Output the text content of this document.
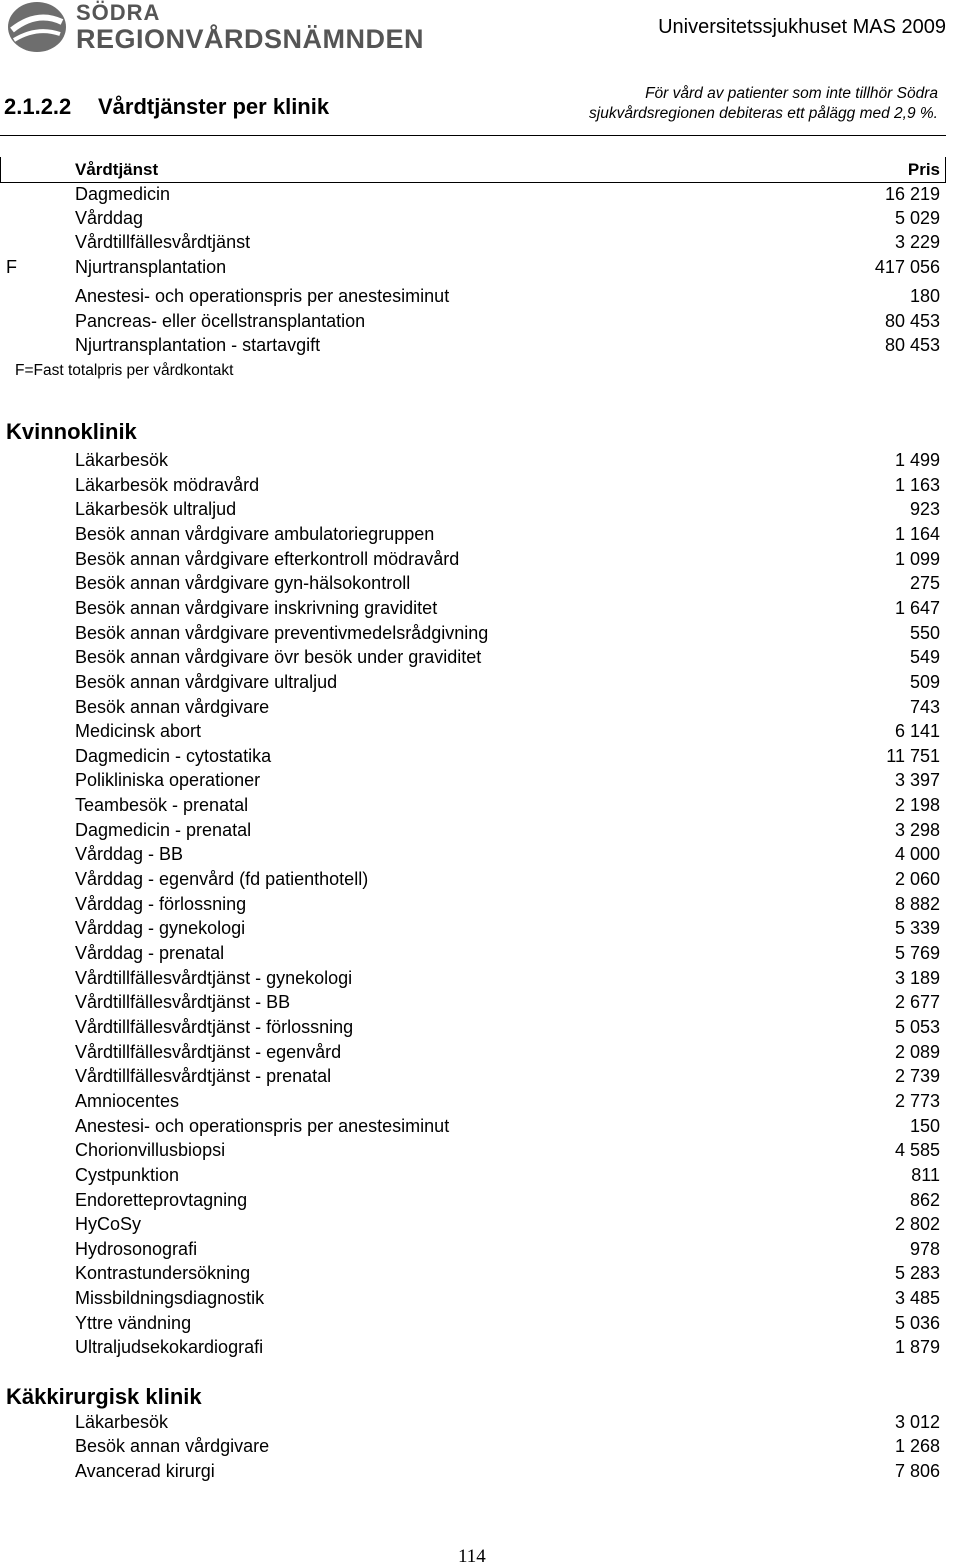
SÖDRA
REGIONVÅRDSNÄMNDEN	Universitetssjukhuset MAS 2009
2.1.2.2 Vårdtjänster per klinik
För vård av patienter som inte tillhör Södra
sjukvårdsregionen debiteras ett pålägg med 2,9 %.
Vårdtjänst	Pris
Dagmedicin	16 219
Vårddag	5 029
Vårdtillfällesvårdtjänst	3 229
F	Njurtransplantation	417 056
Anestesi- och operationspris per anestesiminut	180
Pancreas- eller öcellstransplantation	80 453
Njurtransplantation - startavgift	80 453
F=Fast totalpris per vårdkontakt
Kvinnoklinik
Läkarbesök	1 499
Läkarbesök mödravård	1 163
Läkarbesök ultraljud	923
Besök annan vårdgivare ambulatoriegruppen	1 164
Besök annan vårdgivare efterkontroll mödravård	1 099
Besök annan vårdgivare gyn-hälsokontroll	275
Besök annan vårdgivare inskrivning graviditet	1 647
Besök annan vårdgivare preventivmedelsrådgivning	550
Besök annan vårdgivare övr besök under graviditet	549
Besök annan vårdgivare ultraljud	509
Besök annan vårdgivare	743
Medicinsk abort	6 141
Dagmedicin - cytostatika	11 751
Polikliniska operationer	3 397
Teambesök - prenatal	2 198
Dagmedicin - prenatal	3 298
Vårddag - BB	4 000
Vårddag - egenvård (fd patienthotell)	2 060
Vårddag - förlossning	8 882
Vårddag - gynekologi	5 339
Vårddag - prenatal	5 769
Vårdtillfällesvårdtjänst - gynekologi	3 189
Vårdtillfällesvårdtjänst - BB	2 677
Vårdtillfällesvårdtjänst - förlossning	5 053
Vårdtillfällesvårdtjänst - egenvård	2 089
Vårdtillfällesvårdtjänst - prenatal	2 739
Amniocentes	2 773
Anestesi- och operationspris per anestesiminut	150
Chorionvillusbiopsi	4 585
Cystpunktion	811
Endoretteprovtagning	862
HyCoSy	2 802
Hydrosonografi	978
Kontrastundersökning	5 283
Missbildningsdiagnostik	3 485
Yttre vändning	5 036
Ultraljudsekokardiografi	1 879
Käkkirurgisk klinik
Läkarbesök	3 012
Besök annan vårdgivare	1 268
Avancerad kirurgi	7 806
114
